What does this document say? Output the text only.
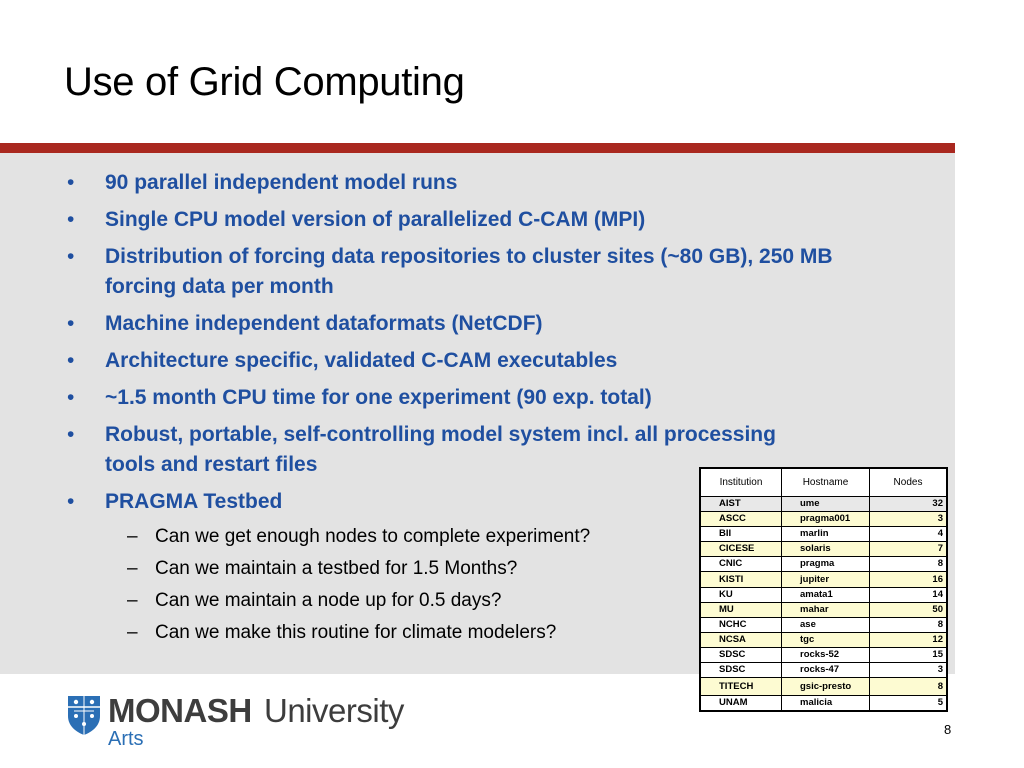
Use of Grid Computing
• 90 parallel independent model runs
• Single CPU model version of parallelized C-CAM (MPI)
• Distribution of forcing data repositories to cluster sites (~80 GB), 250 MB forcing data per month
• Machine independent dataformats (NetCDF)
• Architecture specific, validated C-CAM executables
• ~1.5 month CPU time for one experiment (90 exp. total)
• Robust, portable, self-controlling model system incl. all processing tools and restart files
• PRAGMA Testbed
– Can we get enough nodes to complete experiment?
– Can we maintain a testbed for 1.5 Months?
– Can we maintain a node up for 0.5 days?
– Can we make this routine for climate modelers?
Institution	Hostname	Nodes
AIST	ume	32
ASCC	pragma001	3
BII	marlin	4
CICESE	solaris	7
CNIC	pragma	8
KISTI	jupiter	16
KU	amata1	14
MU	mahar	50
NCHC	ase	8
NCSA	tgc	12
SDSC	rocks-52	15
SDSC	rocks-47	3
TITECH	gsic-presto	8
UNAM	malicia	5
MONASH University
Arts	8
